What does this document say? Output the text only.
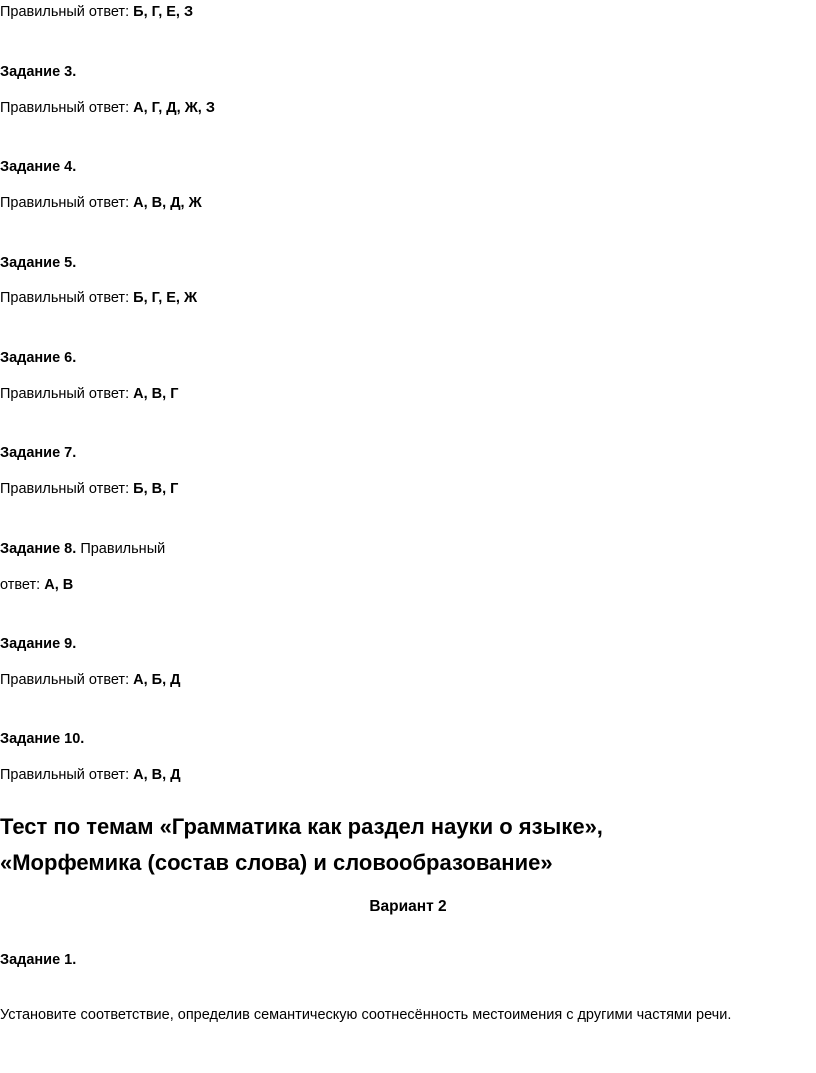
Правильный ответ: Б, Г, Е, З
Задание 3.
Правильный ответ: А, Г, Д, Ж, З
Задание 4.
Правильный ответ: А, В, Д, Ж
Задание 5.
Правильный ответ: Б, Г, Е, Ж
Задание 6.
Правильный ответ: А, В, Г
Задание 7.
Правильный ответ: Б, В, Г
Задание 8. Правильный
ответ: А, В
Задание 9.
Правильный ответ: А, Б, Д
Задание 10.
Правильный ответ: А, В, Д
Тест по темам «Грамматика как раздел науки о языке»,
«Морфемика (состав слова) и словообразование»
Вариант 2
Задание 1.
Установите соответствие, определив семантическую соотнесённость местоимения с другими частями речи.
